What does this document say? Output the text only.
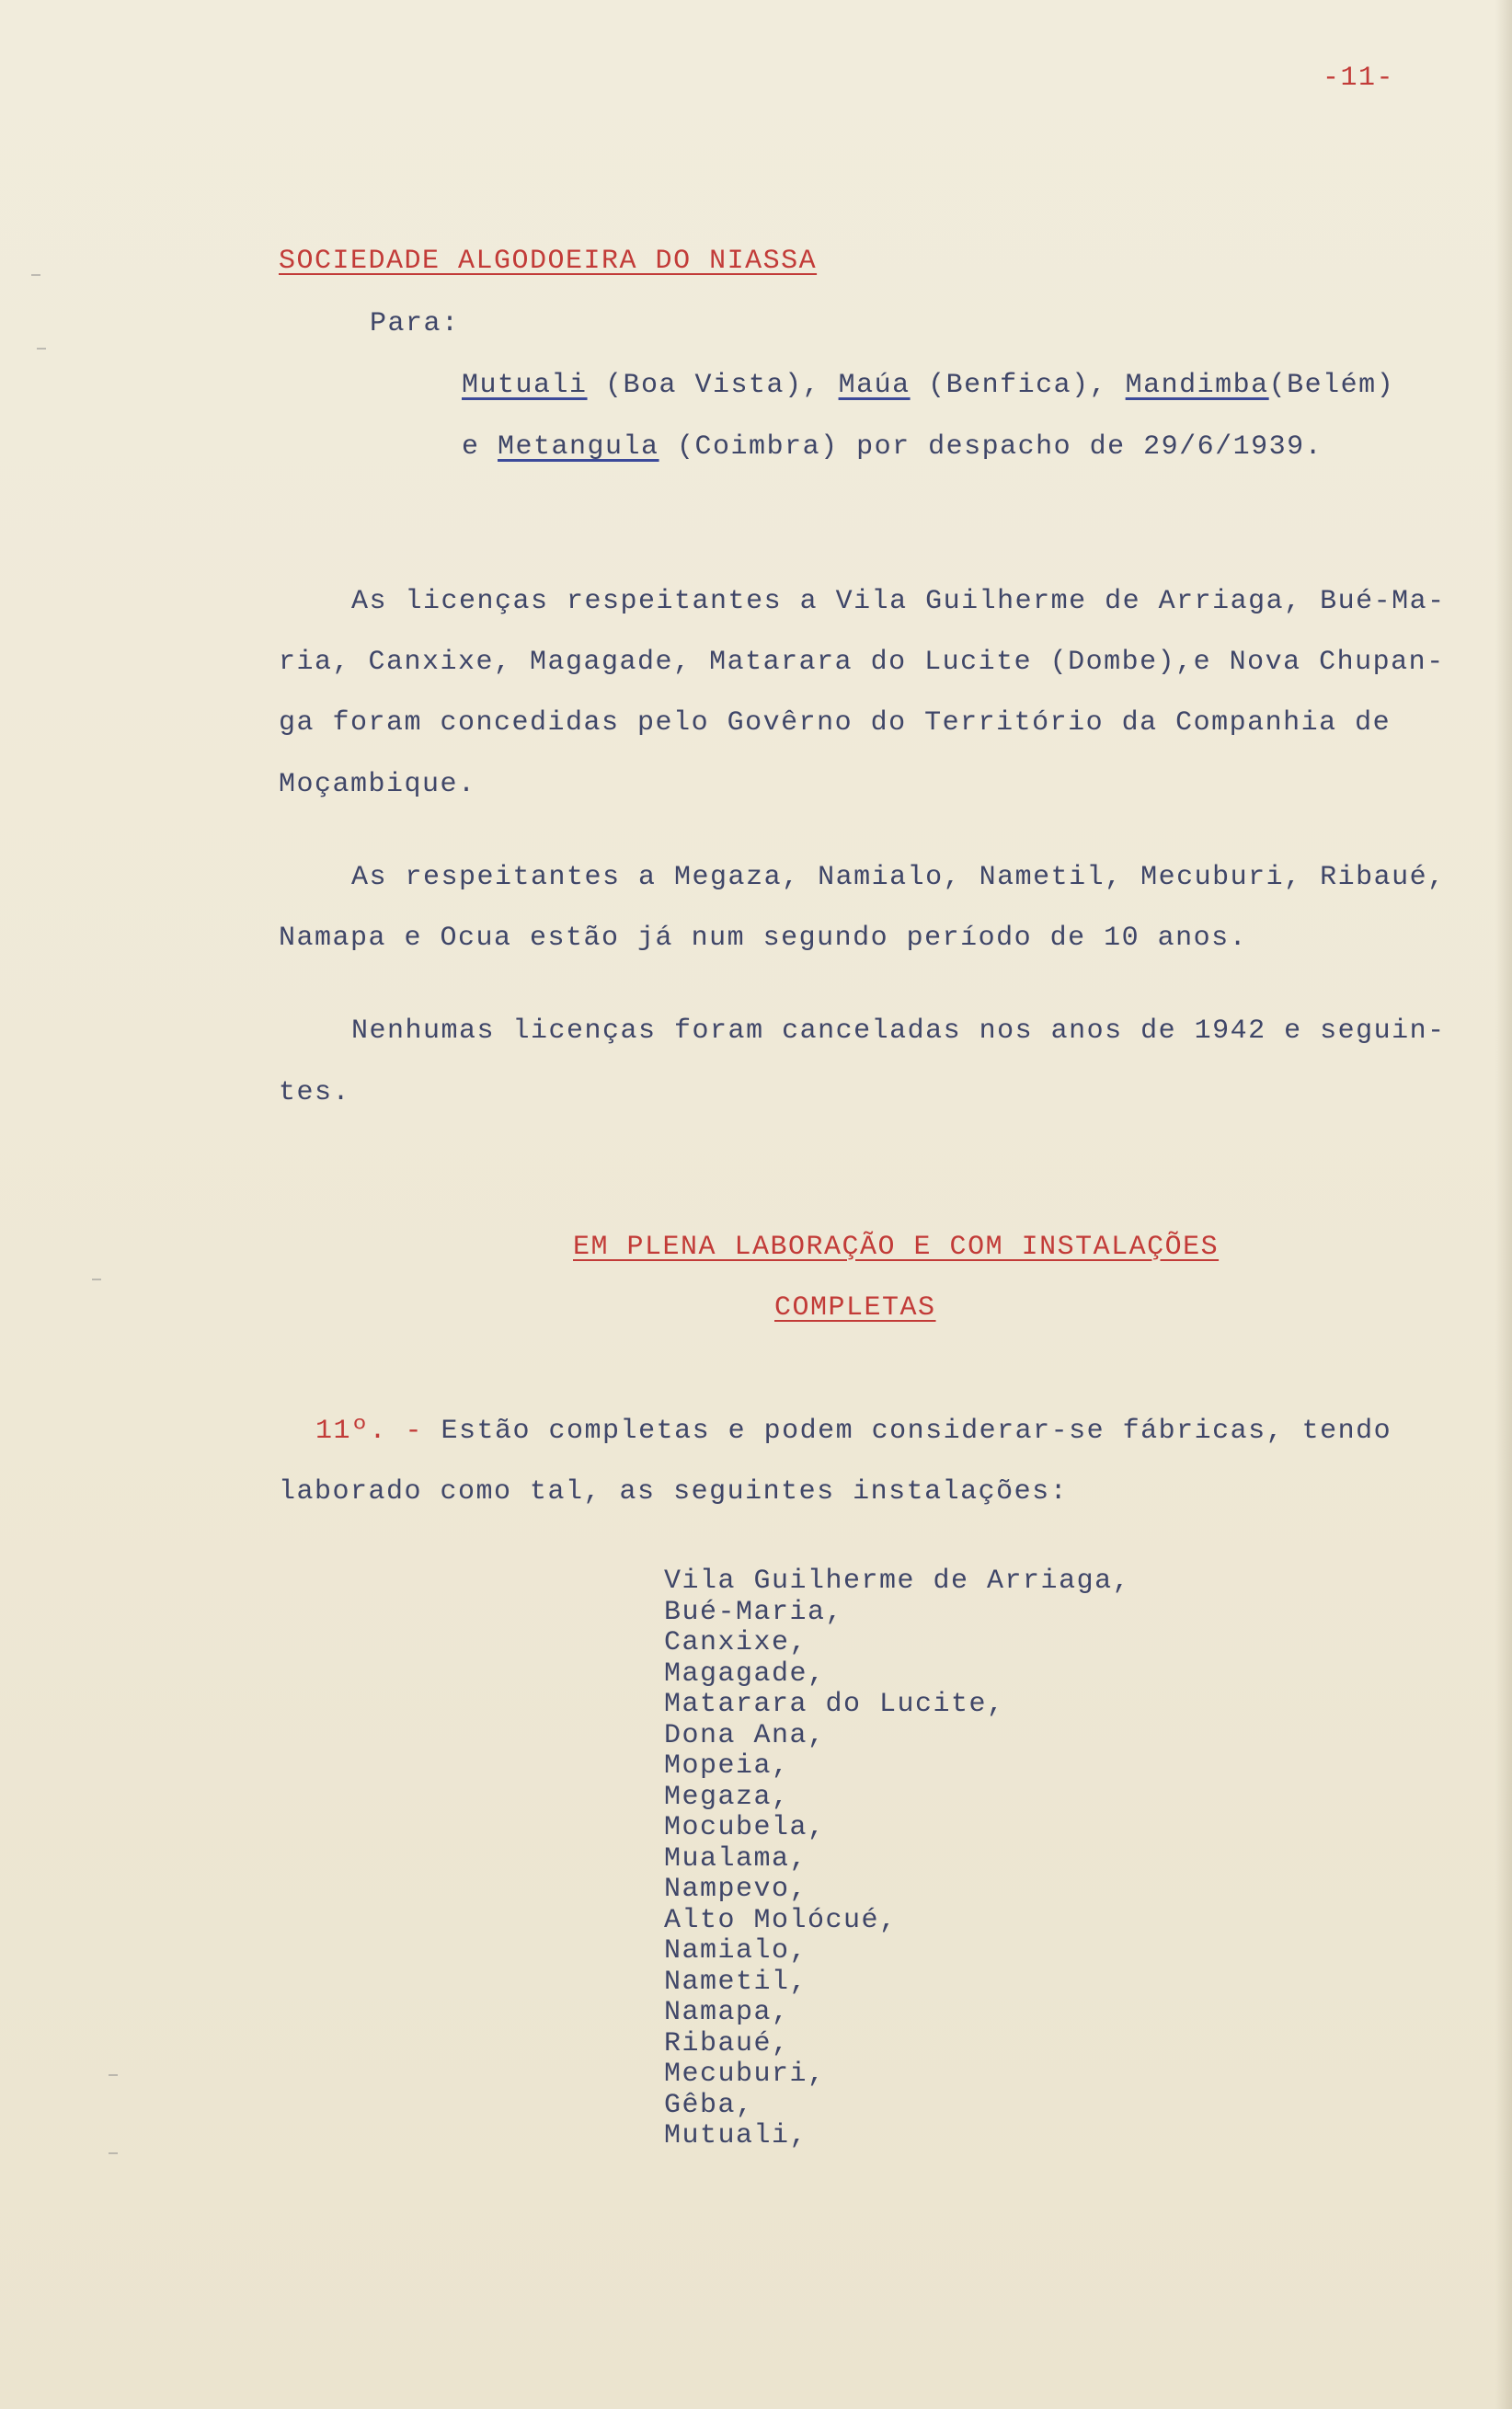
-11-
SOCIEDADE ALGODOEIRA DO NIASSA
Para:
Mutuali (Boa Vista), Maúa (Benfica), Mandimba(Belém)
e Metangula (Coimbra) por despacho de 29/6/1939.
As licenças respeitantes a Vila Guilherme de Arriaga, Bué-Ma-
ria, Canxixe, Magagade, Matarara do Lucite (Dombe),e Nova Chupan-
ga foram concedidas pelo Govêrno do Território da Companhia de
Moçambique.
As respeitantes a Megaza, Namialo, Nametil, Mecuburi, Ribaué,
Namapa e Ocua estão já num segundo período de 10 anos.
Nenhumas licenças foram canceladas nos anos de 1942 e seguin-
tes.
EM PLENA LABORAÇÃO E COM INSTALAÇÕES
COMPLETAS
11º. - Estão completas e podem considerar-se fábricas, tendo
laborado como tal, as seguintes instalações:
Vila Guilherme de Arriaga,
Bué-Maria,
Canxixe,
Magagade,
Matarara do Lucite,
Dona Ana,
Mopeia,
Megaza,
Mocubela,
Mualama,
Nampevo,
Alto Molócué,
Namialo,
Nametil,
Namapa,
Ribaué,
Mecuburi,
Gêba,
Mutuali,
